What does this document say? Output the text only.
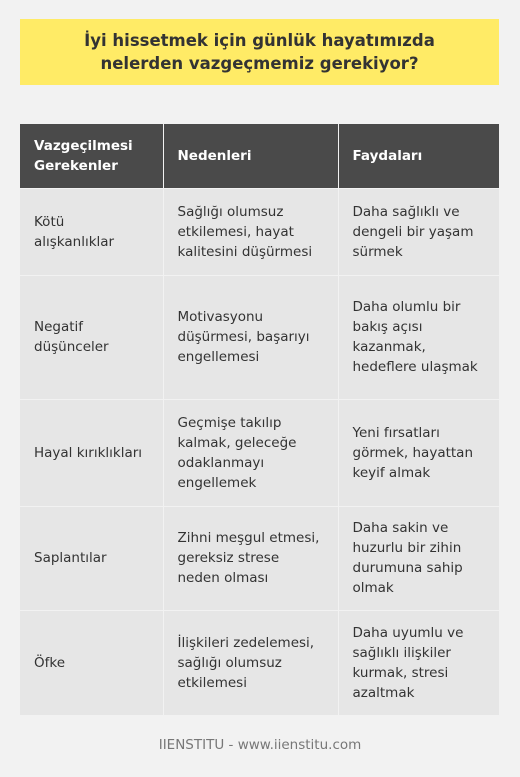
İyi hissetmek için günlük hayatımızda nelerden vazgeçmemiz gerekiyor?
Vazgeçilmesi Gerekenler	Nedenleri	Faydaları
Kötü alışkanlıklar	Sağlığı olumsuz etkilemesi, hayat kalitesini düşürmesi	Daha sağlıklı ve dengeli bir yaşam sürmek
Negatif düşünceler	Motivasyonu düşürmesi, başarıyı engellemesi	Daha olumlu bir bakış açısı kazanmak, hedeflere ulaşmak
Hayal kırıklıkları	Geçmişe takılıp kalmak, geleceğe odaklanmayı engellemek	Yeni fırsatları görmek, hayattan keyif almak
Saplantılar	Zihni meşgul etmesi, gereksiz strese neden olması	Daha sakin ve huzurlu bir zihin durumuna sahip olmak
Öfke	İlişkileri zedelemesi, sağlığı olumsuz etkilemesi	Daha uyumlu ve sağlıklı ilişkiler kurmak, stresi azaltmak
IIENSTITU - www.iienstitu.com
